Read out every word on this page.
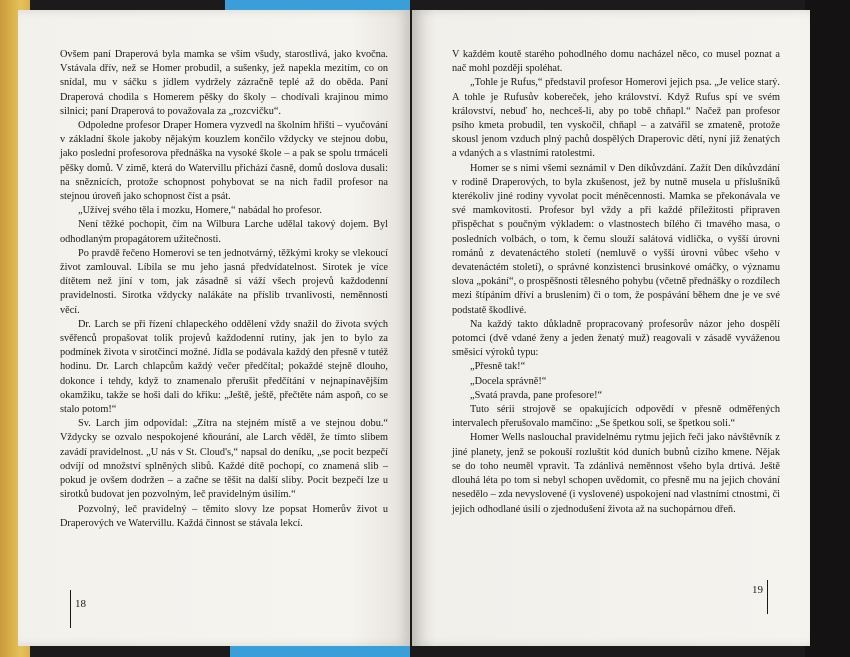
Ovšem paní Draperová byla mamka se vším všudy, starostlivá, jako kvočna. Vstávala dřív, než se Homer probudil, a sušenky, jež napekla mezitím, co on snídal, mu v sáčku s jídlem vydržely zázračně teplé až do oběda. Paní Draperová chodila s Homerem pěšky do školy – chodívali krajinou mimo silnici; paní Draperová to považovala za „rozcvičku“.

Odpoledne profesor Draper Homera vyzvedl na školním hřišti – vyučování v základní škole jakoby nějakým kouzlem končilo vždycky ve stejnou dobu, jako poslední profesorova přednáška na vysoké škole – a pak se spolu trmáceli pěšky domů. V zimě, která do Watervillu přichází časně, domů doslova dusali: na sněznicích, protože schopnost pohybovat se na nich řadil profesor na stejnou úroveň jako schopnost číst a psát.

„Užívej svého těla i mozku, Homere,“ nabádal ho profesor.

Není těžké pochopit, čím na Wilbura Larche udělal takový dojem. Byl odhodlaným propagátorem užitečnosti.

Po pravdě řečeno Homerovi se ten jednotvárný, těžkými kroky se vlekoucí život zamlouval. Líbila se mu jeho jasná předvídatelnost. Sirotek je více dítětem než jiní v tom, jak zásadně si váží všech projevů každodenní pravidelnosti. Sirotka vždycky nalákáte na příslib trvanlivosti, neměnnosti věcí.

Dr. Larch se při řízení chlapeckého oddělení vždy snažil do života svých svěřenců propašovat tolik projevů každodenní rutiny, jak jen to bylo za podmínek života v sirotčinci možné. Jídla se podávala každý den přesně v tutéž hodinu. Dr. Larch chlapcům každý večer předčítal; pokaždé stejně dlouho, dokonce i tehdy, když to znamenalo přerušit předčítání v nejnapínavějším okamžiku, takže se hoši dali do křiku: „Ještě, ještě, přečtěte nám aspoň, co se stalo potom!“

Sv. Larch jim odpovídal: „Zítra na stejném místě a ve stejnou dobu.“ Vždycky se ozvalo nespokojené kňourání, ale Larch věděl, že tímto slibem zavádí pravidelnost. „U nás v St. Cloud's,“ napsal do deníku, „se pocit bezpečí odvíjí od množství splněných slibů. Každé dítě pochopí, co znamená slib – pokud je ovšem dodržen – a začne se těšit na další sliby. Pocit bezpečí lze u sirotků budovat jen pozvolným, leč pravidelným úsilím.“

Pozvolný, leč pravidelný – těmito slovy lze popsat Homerův život u Draperových ve Watervillu. Každá činnost se stávala lekcí.

18

V každém koutě starého pohodlného domu nacházel něco, co musel poznat a nač mohl později spoléhat.

„Tohle je Rufus,“ představil profesor Homerovi jejich psa. „Je velice starý. A tohle je Rufusův kobereček, jeho království. Když Rufus spí ve svém království, nebuď ho, nechceš-li, aby po tobě chňapl.“ Načež pan profesor psího kmeta probudil, ten vyskočil, chňapl – a zatvářil se zmateně, protože skousl jenom vzduch plný pachů dospělých Draperovic dětí, nyní již ženatých a vdaných a s vlastními ratolestmi.

Homer se s nimi všemi seznámil v Den díkůvzdání. Zažít Den díkůvzdání v rodině Draperových, to byla zkušenost, jež by nutně musela u příslušníků kterékoliv jiné rodiny vyvolat pocit méněcennosti. Mamka se překonávala ve své mamkovitosti. Profesor byl vždy a při každé příležitosti připraven přispěchat s poučným výkladem: o vlastnostech bílého či tmavého masa, o posledních volbách, o tom, k čemu slouží salátová vidlička, o vyšší úrovni románů z devatenáctého století (nemluvě o vyšší úrovni vůbec všeho v devatenáctém století), o správné konzistenci brusinkové omáčky, o významu slova „pokání“, o prospěšnosti tělesného pohybu (včetně přednášky o rozdílech mezi štípáním dříví a bruslením) či o tom, že pospávání během dne je ve své podstatě škodlivé.

Na každý takto důkladně propracovaný profesorův názor jeho dospělí potomci (dvě vdané ženy a jeden ženatý muž) reagovali v zásadě vyváženou směsicí výroků typu:

„Přesně tak!“

„Docela správně!“

„Svatá pravda, pane profesore!“

Tuto sérii strojově se opakujících odpovědí v přesně odměřených intervalech přerušovalo mamčino: „Se špetkou soli, se špetkou soli.“

Homer Wells naslouchal pravidelnému rytmu jejich řeči jako návštěvník z jiné planety, jenž se pokouší rozluštit kód duních bubnů cizího kmene. Nějak se do toho neuměl vpravit. Ta zdánlivá neměnnost všeho byla drtivá. Ještě dlouhá léta po tom si nebyl schopen uvědomit, co přesně mu na jejich chování nesedělo – zda nevyslovené (i vyslovené) uspokojení nad vlastními ctnostmi, či jejich odhodlané úsilí o zjednodušení života až na suchopárnou dřeň.

19
